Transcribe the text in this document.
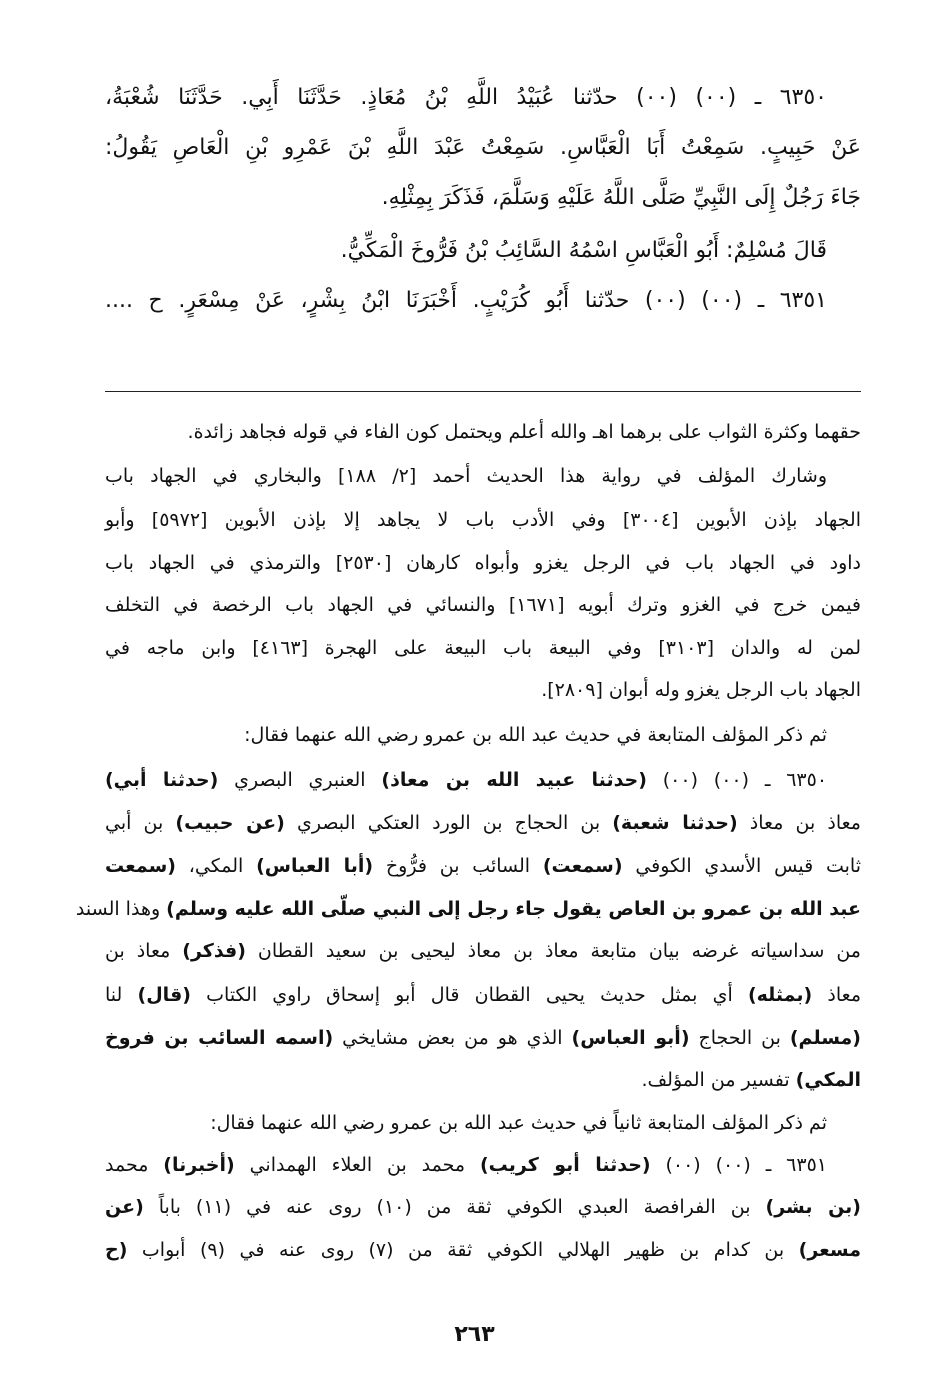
٦٣٥٠ ـ (٠٠) (٠٠) حدّثنا عُبَيْدُ اللَّهِ بْنُ مُعَاذٍ. حَدَّثَنَا أَبِي. حَدَّثَنَا شُعْبَةُ،
عَنْ حَبِيبٍ. سَمِعْتُ أَبَا الْعَبَّاسِ. سَمِعْتُ عَبْدَ اللَّهِ بْنَ عَمْرِو بْنِ الْعَاصِ يَقُولُ:
جَاءَ رَجُلٌ إِلَى النَّبِيِّ صَلَّى اللَّهُ عَلَيْهِ وَسَلَّمَ، فَذَكَرَ بِمِثْلِهِ.
قَالَ مُسْلِمٌ: أَبُو الْعَبَّاسِ اسْمُهُ السَّائِبُ بْنُ فَرُّوخَ الْمَكِّيُّ.
٦٣٥١ ـ (٠٠) (٠٠) حدّثنا أَبُو كُرَيْبٍ. أَخْبَرَنَا ابْنُ بِشْرٍ، عَنْ مِسْعَرٍ. ح ....
حقهما وكثرة الثواب على برهما اهـ والله أعلم ويحتمل كون الفاء في قوله فجاهد زائدة.
وشارك المؤلف في رواية هذا الحديث أحمد [٢/ ١٨٨] والبخاري في الجهاد باب
الجهاد بإذن الأبوين [٣٠٠٤] وفي الأدب باب لا يجاهد إلا بإذن الأبوين [٥٩٧٢] وأبو
داود في الجهاد باب في الرجل يغزو وأبواه كارهان [٢٥٣٠] والترمذي في الجهاد باب
فيمن خرج في الغزو وترك أبويه [١٦٧١] والنسائي في الجهاد باب الرخصة في التخلف
لمن له والدان [٣١٠٣] وفي البيعة باب البيعة على الهجرة [٤١٦٣] وابن ماجه في
الجهاد باب الرجل يغزو وله أبوان [٢٨٠٩].
ثم ذكر المؤلف المتابعة في حديث عبد الله بن عمرو رضي الله عنهما فقال:
٦٣٥٠ ـ (٠٠) (٠٠) (حدثنا عبيد الله بن معاذ) العنبري البصري (حدثنا أبي)
معاذ بن معاذ (حدثنا شعبة) بن الحجاج بن الورد العتكي البصري (عن حبيب) بن أبي
ثابت قيس الأسدي الكوفي (سمعت) السائب بن فرُّوخ (أبا العباس) المكي، (سمعت
عبد الله بن عمرو بن العاص يقول جاء رجل إلى النبي صلّى الله عليه وسلم) وهذا السند
من سداسياته غرضه بيان متابعة معاذ بن معاذ ليحيى بن سعيد القطان (فذكر) معاذ بن
معاذ (بمثله) أي بمثل حديث يحيى القطان قال أبو إسحاق راوي الكتاب (قال) لنا
(مسلم) بن الحجاج (أبو العباس) الذي هو من بعض مشايخي (اسمه السائب بن فروخ
المكي) تفسير من المؤلف.
ثم ذكر المؤلف المتابعة ثانياً في حديث عبد الله بن عمرو رضي الله عنهما فقال:
٦٣٥١ ـ (٠٠) (٠٠) (حدثنا أبو كريب) محمد بن العلاء الهمداني (أخبرنا) محمد
(بن بشر) بن الفرافصة العبدي الكوفي ثقة من (١٠) روى عنه في (١١) باباً (عن
مسعر) بن كدام بن ظهير الهلالي الكوفي ثقة من (٧) روى عنه في (٩) أبواب (ح
٢٦٣
